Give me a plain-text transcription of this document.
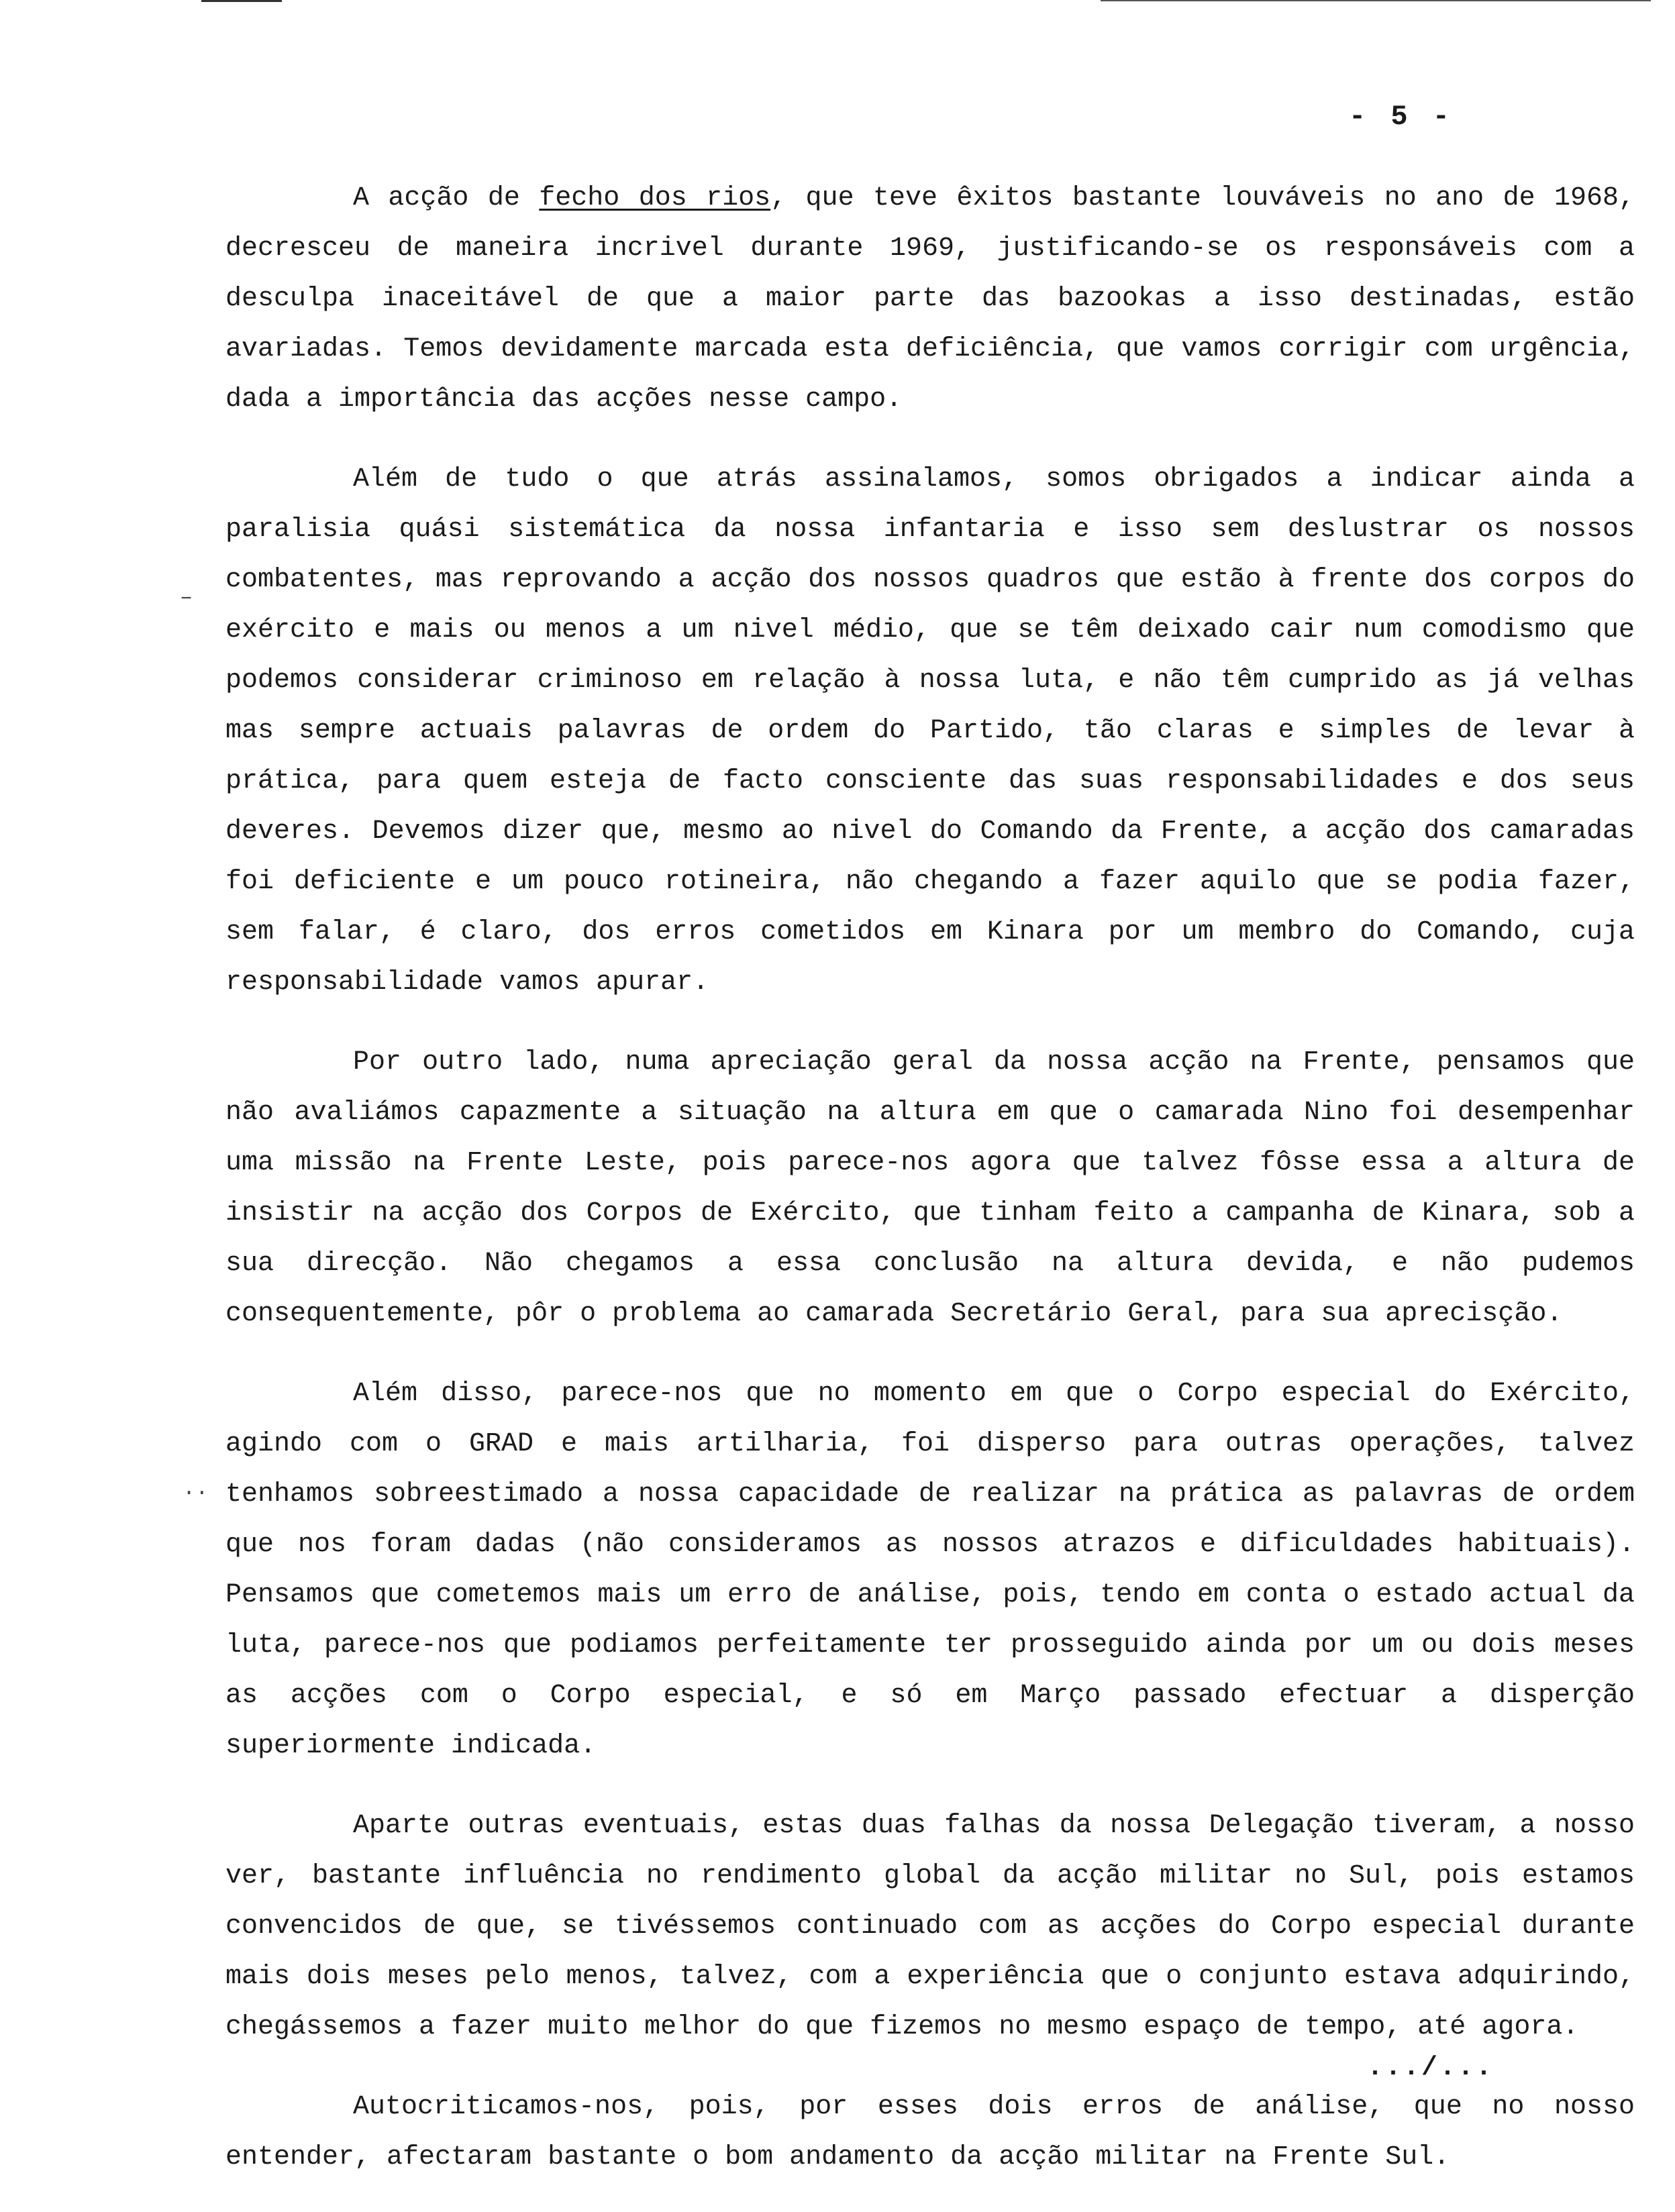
–
..
- 5 -

A acção de fecho dos rios, que teve êxitos bastante louváveis no ano de 1968, decresceu de maneira incrivel durante 1969, justificando-se os responsáveis com a desculpa inaceitável de que a maior parte das bazookas a isso destinadas, estão avariadas. Temos devidamente marcada esta deficiência, que vamos corrigir com urgência, dada a importância das acções nesse campo.

Além de tudo o que atrás assinalamos, somos obrigados a indicar ainda a paralisia quási sistemática da nossa infantaria e isso sem deslustrar os nossos combatentes, mas reprovando a acção dos nossos quadros que estão à frente dos corpos do exército e mais ou menos a um nivel médio, que se têm deixado cair num comodismo que podemos considerar criminoso em relação à nossa luta, e não têm cumprido as já velhas mas sempre actuais palavras de ordem do Partido, tão claras e simples de levar à prática, para quem esteja de facto consciente das suas responsabilidades e dos seus deveres. Devemos dizer que, mesmo ao nivel do Comando da Frente, a acção dos camaradas foi deficiente e um pouco rotineira, não chegando a fazer aquilo que se podia fazer, sem falar, é claro, dos erros cometidos em Kinara por um membro do Comando, cuja responsabilidade vamos apurar.

Por outro lado, numa apreciação geral da nossa acção na Frente, pensamos que não avaliámos capazmente a situação na altura em que o camarada Nino foi desempenhar uma missão na Frente Leste, pois parece-nos agora que talvez fôsse essa a altura de insistir na acção dos Corpos de Exército, que tinham feito a campanha de Kinara, sob a sua direcção. Não chegamos a essa conclusão na altura devida, e não pudemos consequentemente, pôr o problema ao camarada Secretário Geral, para sua aprecisção.

Além disso, parece-nos que no momento em que o Corpo especial do Exército, agindo com o GRAD e mais artilharia, foi disperso para outras operações, talvez tenhamos sobreestimado a nossa capacidade de realizar na prática as palavras de ordem que nos foram dadas (não consideramos as nossos atrazos e dificuldades habituais). Pensamos que cometemos mais um erro de análise, pois, tendo em conta o estado actual da luta, parece-nos que podiamos perfeitamente ter prosseguido ainda por um ou dois meses as acções com o Corpo especial, e só em Março passado efectuar a disperção superiormente indicada.

Aparte outras eventuais, estas duas falhas da nossa Delegação tiveram, a nosso ver, bastante influência no rendimento global da acção militar no Sul, pois estamos convencidos de que, se tivéssemos continuado com as acções do Corpo especial durante mais dois meses pelo menos, talvez, com a experiência que o conjunto estava adquirindo, chegássemos a fazer muito melhor do que fizemos no mesmo espaço de tempo, até agora.

Autocriticamos-nos, pois, por esses dois erros de análise, que no nosso entender, afectaram bastante o bom andamento da acção militar na Frente Sul.

.../...
